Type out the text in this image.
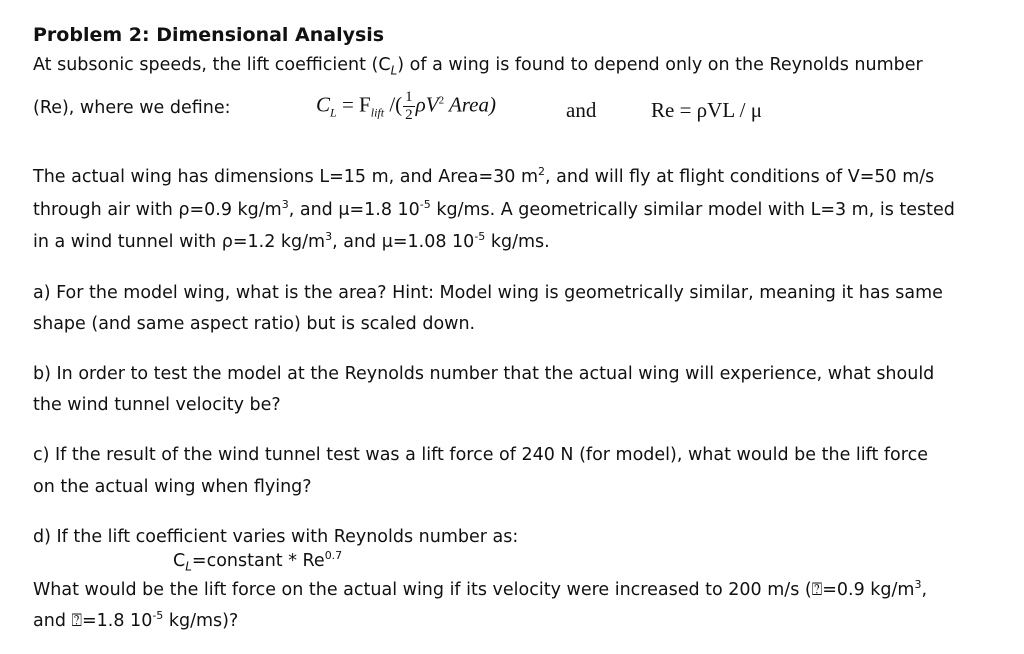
Problem 2: Dimensional Analysis
At subsonic speeds, the lift coefficient $(C_L)$ of a wing is found to depend only on the Reynolds number
(Re), where we define:	$C_L = F_{lift}$ /( $\frac{1}{2} \rho V^2$ Area)	and	Re = ρVL / μ
The actual wing has dimensions L=15 m, and Area=30 $m^2$, and will fly at flight conditions of V=50 m/s
through air with ρ=0.9 $kg/m^3$, and μ=1.8 $10^{-5}$ kg/ms. A geometrically similar model with L=3 m, is tested
in a wind tunnel with ρ=1.2 $kg/m^3$, and μ=1.08 $10^{-5}$ kg/ms.
a) For the model wing, what is the area? Hint: Model wing is geometrically similar, meaning it has same
shape (and same aspect ratio) but is scaled down.
b) In order to test the model at the Reynolds number that the actual wing will experience, what should
the wind tunnel velocity be?
c) If the result of the wind tunnel test was a lift force of 240 N (for model), what would be the lift force
on the actual wing when flying?
d) If the lift coefficient varies with Reynolds number as:
$C_L=constant * Re^{0.7}$
What would be the lift force on the actual wing if its velocity were increased to 200 m/s (⍰=0.9 $kg/m^3$,
and ⍰=1.8 $10^{-5}$ kg/ms)?
